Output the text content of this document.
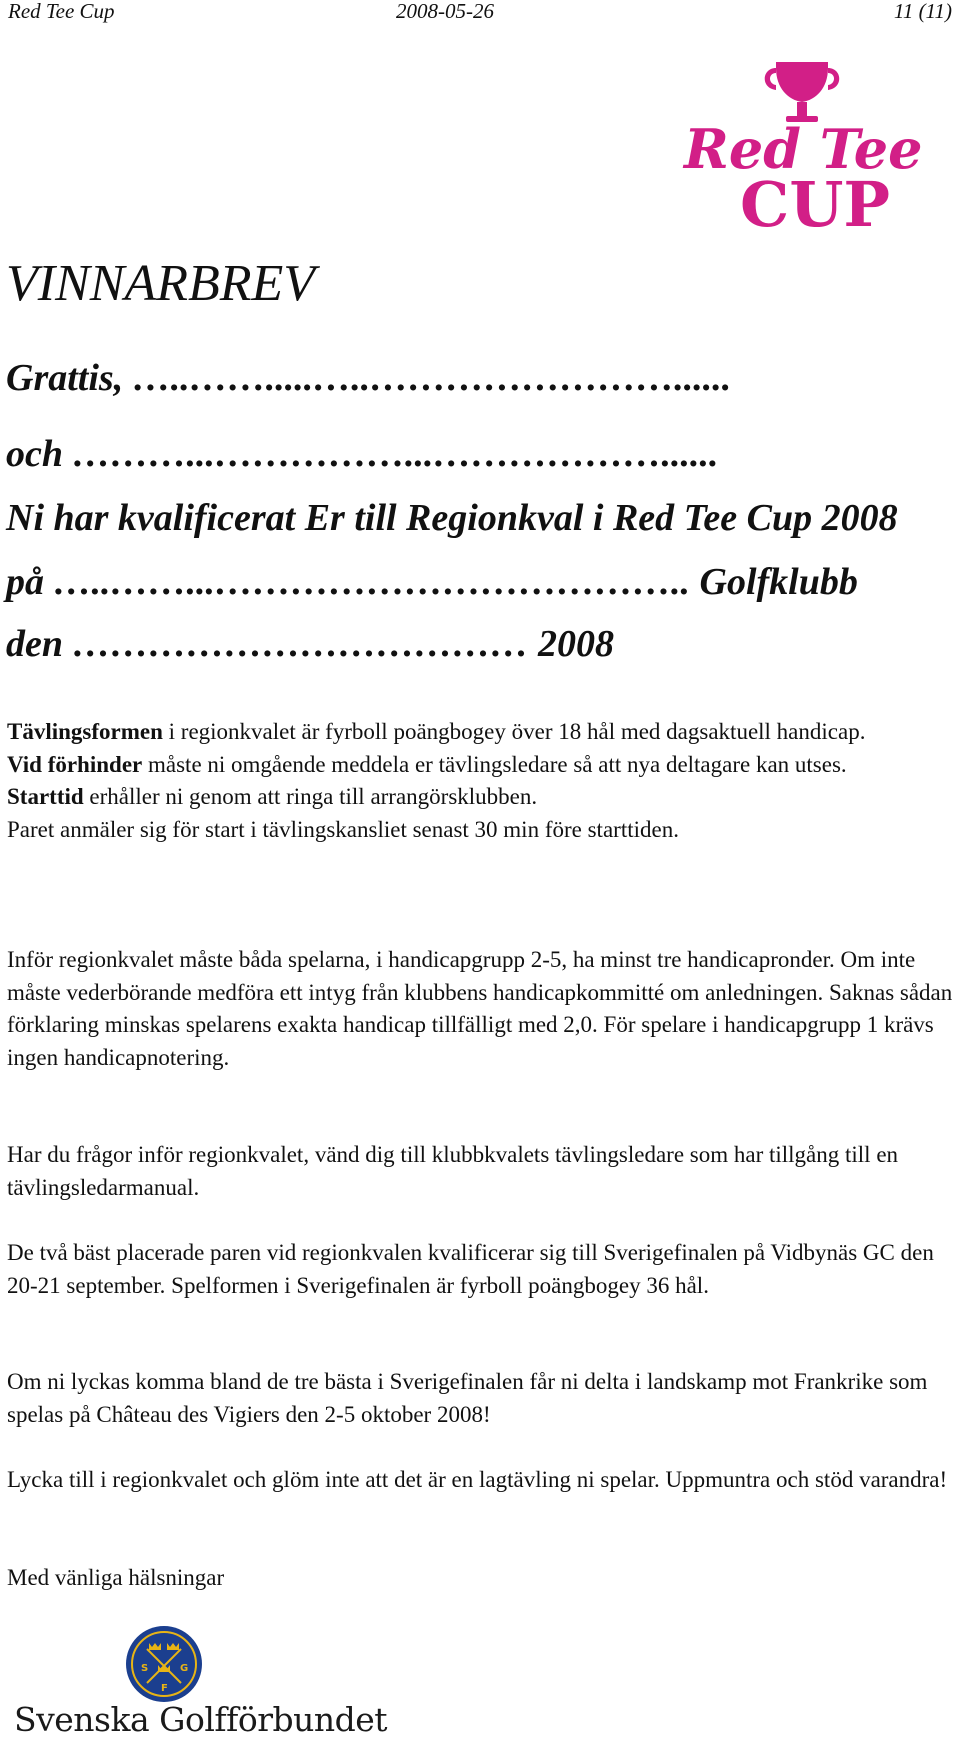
Red Tee Cup	2008-05-26	11 (11)
Red Tee
CUP
VINNARBREV
Grattis, …..…….....…..……………………......
och ………...……………...………………......
Ni har kvalificerat Er till Regionkval i Red Tee Cup 2008
på …..……...……………………………….. Golfklubb
den ……………………………… 2008

Tävlingsformen i regionkvalet är fyrboll poängbogey över 18 hål med dagsaktuell handicap.

Vid förhinder måste ni omgående meddela er tävlingsledare så att nya deltagare kan utses.

Starttid erhåller ni genom att ringa till arrangörsklubben.

Paret anmäler sig för start i tävlingskansliet senast 30 min före starttiden.

Inför regionkvalet måste båda spelarna, i handicapgrupp 2-5, ha minst tre handicapronder. Om inte måste vederbörande medföra ett intyg från klubbens handicapkommitté om anledningen. Saknas sådan förklaring minskas spelarens exakta handicap tillfälligt med 2,0. För spelare i handicapgrupp 1 krävs ingen handicapnotering.
Har du frågor inför regionkvalet, vänd dig till klubbkvalets tävlingsledare som har tillgång till en tävlingsledarmanual.
De två bäst placerade paren vid regionkvalen kvalificerar sig till Sverigefinalen på Vidbynäs GC den 20-21 september. Spelformen i Sverigefinalen är fyrboll poängbogey 36 hål.
Om ni lyckas komma bland de tre bästa i Sverigefinalen får ni delta i landskamp mot Frankrike som spelas på Château des Vigiers den 2-5 oktober 2008!
Lycka till i regionkvalet och glöm inte att det är en lagtävling ni spelar. Uppmuntra och stöd varandra!
Med vänliga hälsningar
S	G
F
Svenska Golfförbundet
